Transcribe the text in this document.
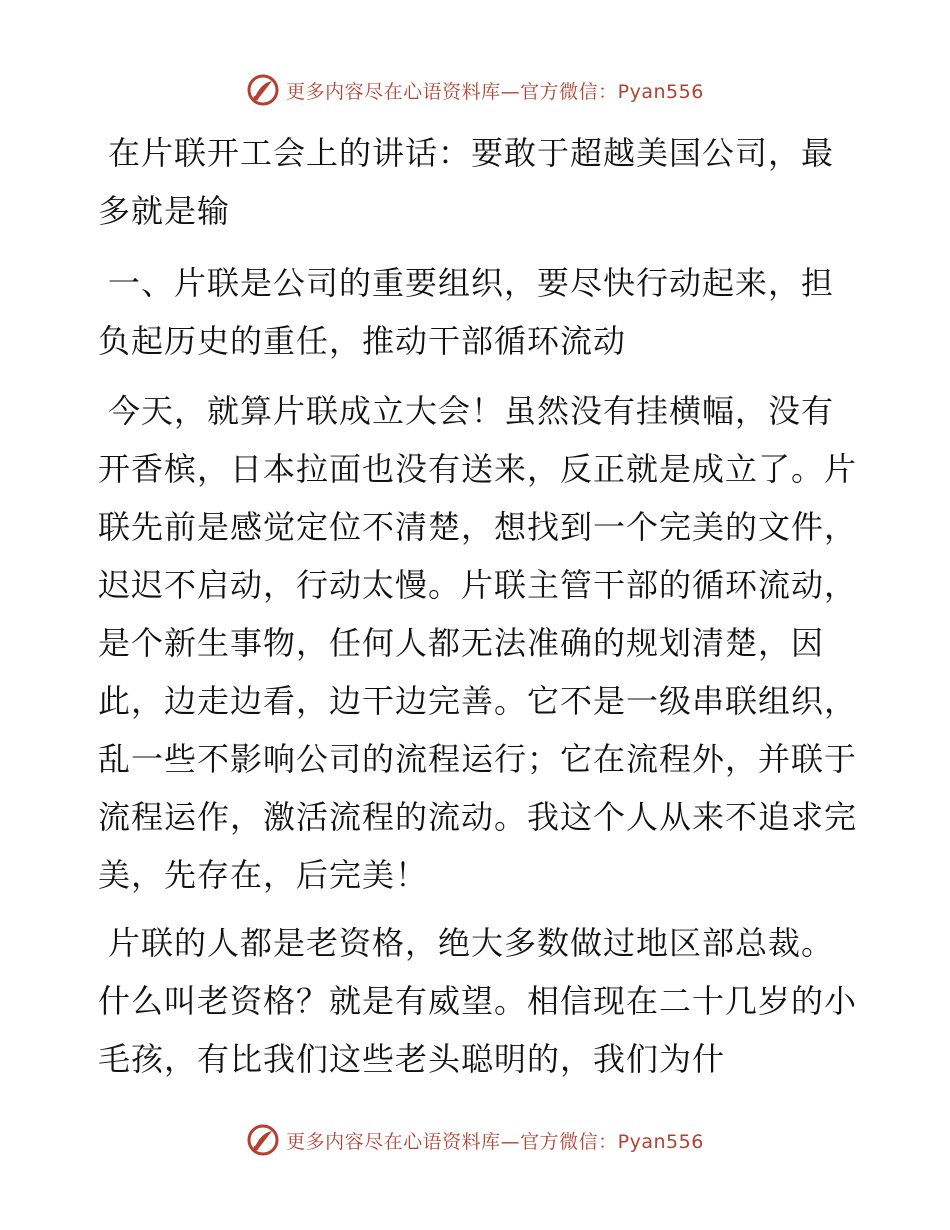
更多内容尽在心语资料库—官方微信：Pyan556

在片联开工会上的讲话：要敢于超越美国公司，最多就是输

一、片联是公司的重要组织，要尽快行动起来，担负起历史的重任，推动干部循环流动

今天，就算片联成立大会！虽然没有挂横幅，没有开香槟，日本拉面也没有送来，反正就是成立了。片联先前是感觉定位不清楚，想找到一个完美的文件，迟迟不启动，行动太慢。片联主管干部的循环流动，是个新生事物，任何人都无法准确的规划清楚，因此，边走边看，边干边完善。它不是一级串联组织，乱一些不影响公司的流程运行；它在流程外，并联于流程运作，激活流程的流动。我这个人从来不追求完美，先存在，后完美！

片联的人都是老资格，绝大多数做过地区部总裁。什么叫老资格？就是有威望。相信现在二十几岁的小毛孩，有比我们这些老头聪明的，我们为什

更多内容尽在心语资料库—官方微信：Pyan556
